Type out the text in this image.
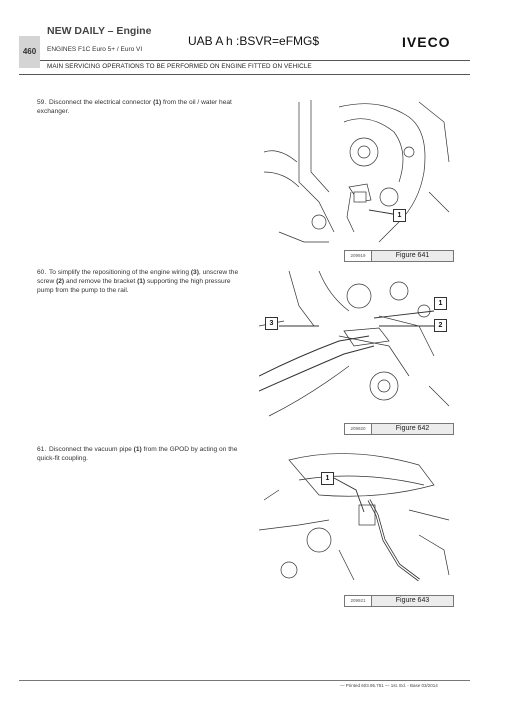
460
NEW DAILY – Engine
UAB A h :BSVR=eFMG$
ENGINES F1C Euro 5+ / Euro VI	IVECO
MAIN SERVICING OPERATIONS TO BE PERFORMED ON ENGINE FITTED ON VEHICLE
59. Disconnect the electrical connector (1) from the oil / water heat exchanger.
1
209919	Figure 641
60. To simplify the repositioning of the engine wiring (3), unscrew the screw (2) and remove the bracket (1) supporting the high pressure pump from the pump to the rail.
1
2
3
209920	Figure 642
61. Disconnect the vacuum pipe (1) from the GPOD by acting on the quick-fit coupling.
1
209921	Figure 643
— Printed 603.95.751 — 1st. Ed. - Base 03/2014
